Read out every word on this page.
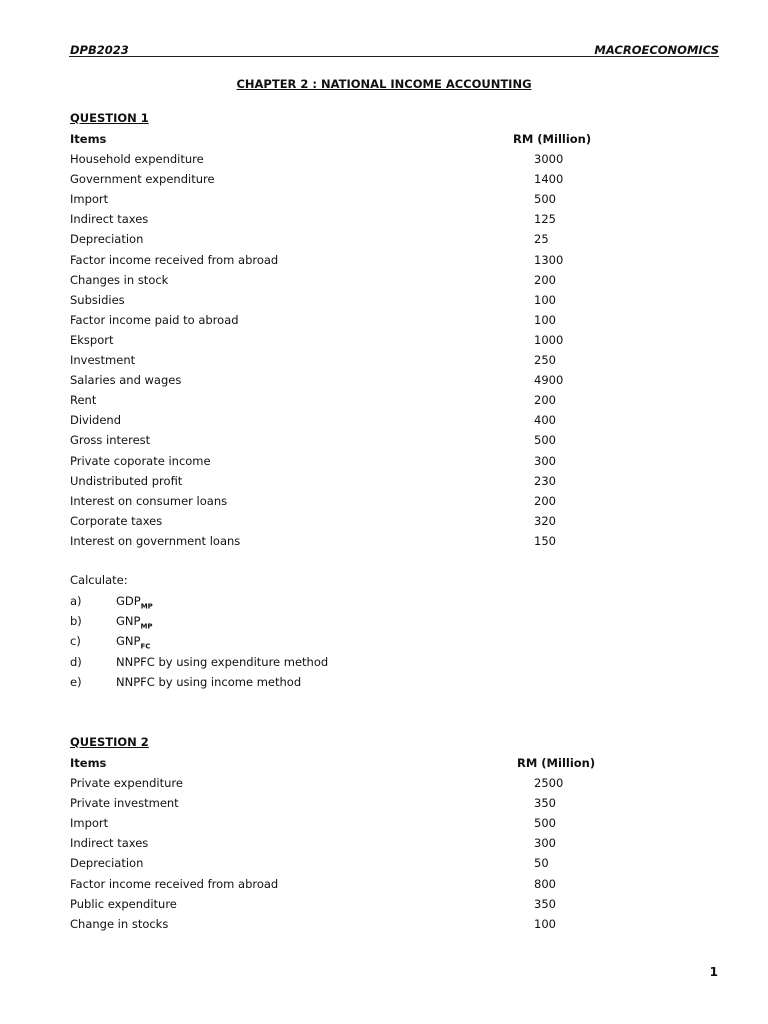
DPB2023	MACROECONOMICS
CHAPTER 2 : NATIONAL INCOME ACCOUNTING
QUESTION 1
Items	RM (Million)
Household expenditure	3000
Government expenditure	1400
Import	500
Indirect taxes	125
Depreciation	25
Factor income received from abroad	1300
Changes in stock	200
Subsidies	100
Factor income paid to abroad	100
Eksport	1000
Investment	250
Salaries and wages	4900
Rent	200
Dividend	400
Gross interest	500
Private coporate income	300
Undistributed profit	230
Interest on consumer loans	200
Corporate taxes	320
Interest on government loans	150
Calculate:
a)	$GDP_{MP}$
b)	$GNP_{MP}$
c)	$GNP_{FC}$
d)	NNPFC by using expenditure method
e)	NNPFC by using income method
QUESTION 2
Items	RM (Million)
Private expenditure	2500
Private investment	350
Import	500
Indirect taxes	300
Depreciation	50
Factor income received from abroad	800
Public expenditure	350
Change in stocks	100
1
